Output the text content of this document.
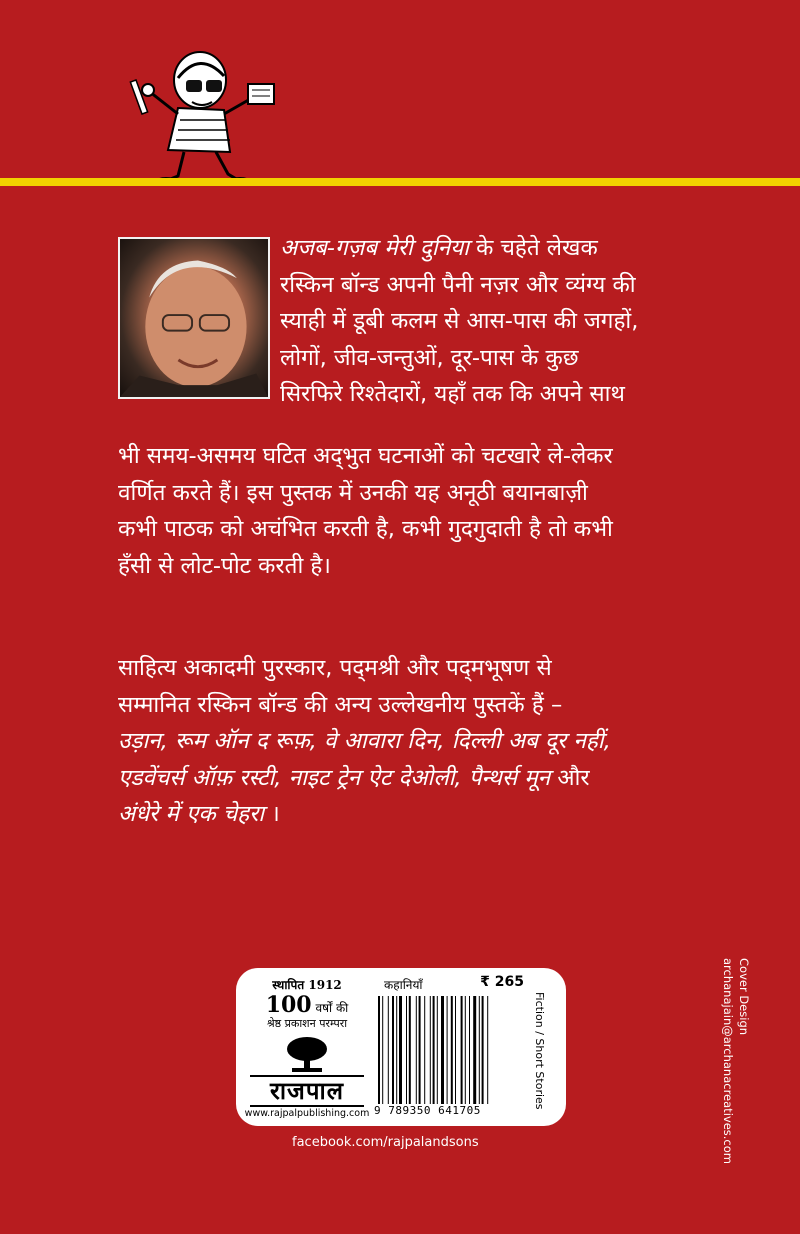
अजब-गज़ब मेरी दुनिया के चहेते लेखक
रस्किन बॉन्ड अपनी पैनी नज़र और व्यंग्य की
स्याही में डूबी कलम से आस-पास की जगहों,
लोगों, जीव-जन्तुओं, दूर-पास के कुछ
सिरफिरे रिश्तेदारों, यहाँ तक कि अपने साथ

भी समय-असमय घटित अद्‌भुत घटनाओं को चटखारे ले-लेकर
वर्णित करते हैं। इस पुस्तक में उनकी यह अनूठी बयानबाज़ी
कभी पाठक को अचंभित करती है, कभी गुदगुदाती है तो कभी
हँसी से लोट-पोट करती है।

साहित्य अकादमी पुरस्कार, पद्‌मश्री और पद्‌मभूषण से
सम्मानित रस्किन बॉन्ड की अन्य उल्लेखनीय पुस्तकें हैं –
उड़ान, रूम ऑन द रूफ़, वे आवारा दिन, दिल्ली अब दूर नहीं,
एडवेंचर्स ऑफ़ रस्टी, नाइट ट्रेन ऐट देओली, पैन्थर्स मून और
अंधेरे में एक चेहरा ।

स्थापित 1912
100 वर्षों की
श्रेष्ठ प्रकाशन परम्परा
राजपाल
www.rajpalpublishing.com
कहानियाँ	₹ 265
9 789350 641705
Fiction / Short Stories
facebook.com/rajpalandsons
Cover Design
archanajain@archanacreatives.com
